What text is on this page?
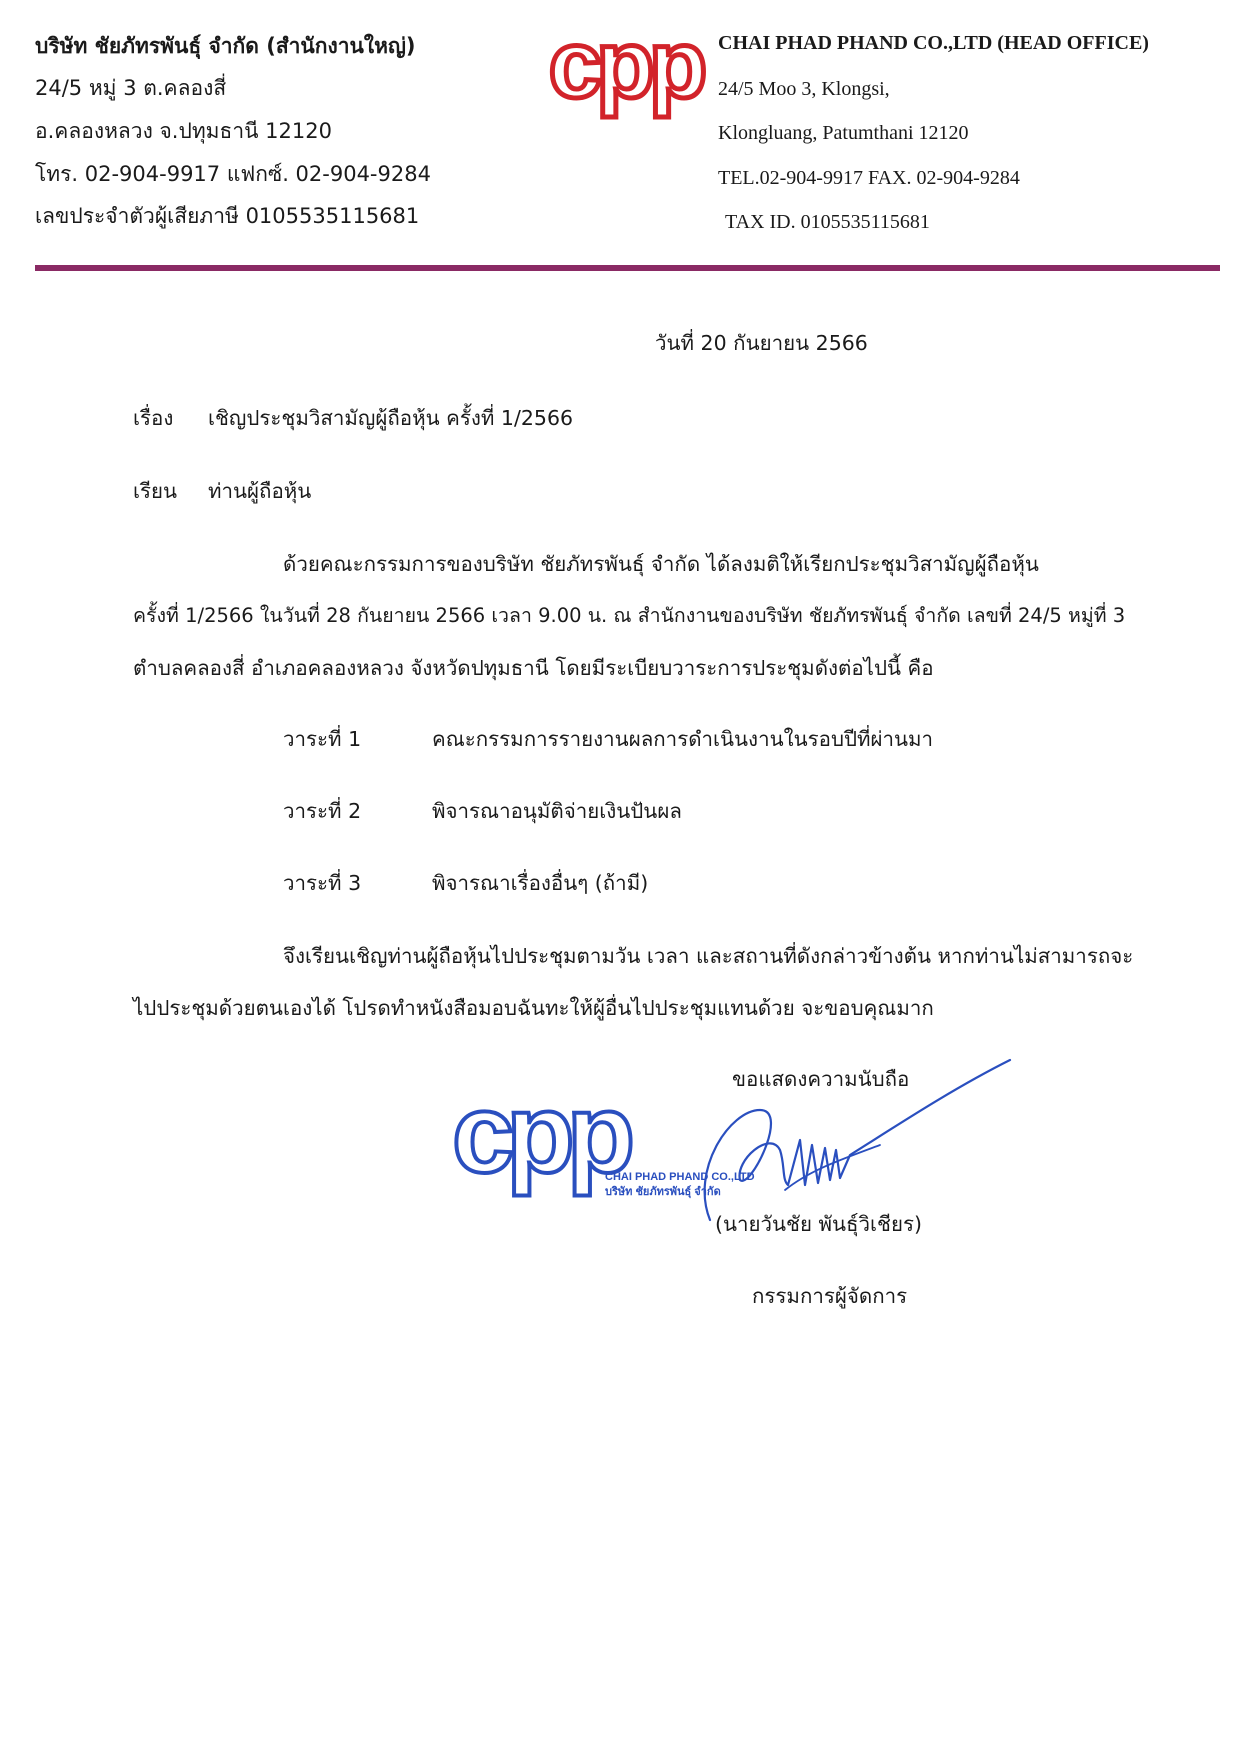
บริษัท ชัยภัทรพันธุ์ จำกัด (สำนักงานใหญ่)
24/5 หมู่ 3 ต.คลองสี่
อ.คลองหลวง จ.ปทุมธานี 12120
โทร. 02-904-9917 แฟกซ์. 02-904-9284
เลขประจำตัวผู้เสียภาษี 0105535115681
cpp CHAI PHAD PHAND CO.,LTD (HEAD OFFICE)
24/5 Moo 3, Klongsi,
Klongluang, Patumthani 12120
TEL.02-904-9917 FAX. 02-904-9284
TAX ID. 0105535115681
วันที่ 20 กันยายน 2566
เรื่อง เชิญประชุมวิสามัญผู้ถือหุ้น ครั้งที่ 1/2566
เรียน ท่านผู้ถือหุ้น
ด้วยคณะกรรมการของบริษัท ชัยภัทรพันธุ์ จำกัด ได้ลงมติให้เรียกประชุมวิสามัญผู้ถือหุ้น
ครั้งที่ 1/2566 ในวันที่ 28 กันยายน 2566 เวลา 9.00 น. ณ สำนักงานของบริษัท ชัยภัทรพันธุ์ จำกัด เลขที่ 24/5 หมู่ที่ 3
ตำบลคลองสี่ อำเภอคลองหลวง จังหวัดปทุมธานี โดยมีระเบียบวาระการประชุมดังต่อไปนี้ คือ
วาระที่ 1	คณะกรรมการรายงานผลการดำเนินงานในรอบปีที่ผ่านมา
วาระที่ 2	พิจารณาอนุมัติจ่ายเงินปันผล
วาระที่ 3	พิจารณาเรื่องอื่นๆ (ถ้ามี)
จึงเรียนเชิญท่านผู้ถือหุ้นไปประชุมตามวัน เวลา และสถานที่ดังกล่าวข้างต้น หากท่านไม่สามารถจะ
ไปประชุมด้วยตนเองได้ โปรดทำหนังสือมอบฉันทะให้ผู้อื่นไปประชุมแทนด้วย จะขอบคุณมาก
ขอแสดงความนับถือ
cpp
CHAI PHAD PHAND CO.,LTD
บริษัท ชัยภัทรพันธุ์ จำกัด
(นายวันชัย พันธุ์วิเชียร)
กรรมการผู้จัดการ
